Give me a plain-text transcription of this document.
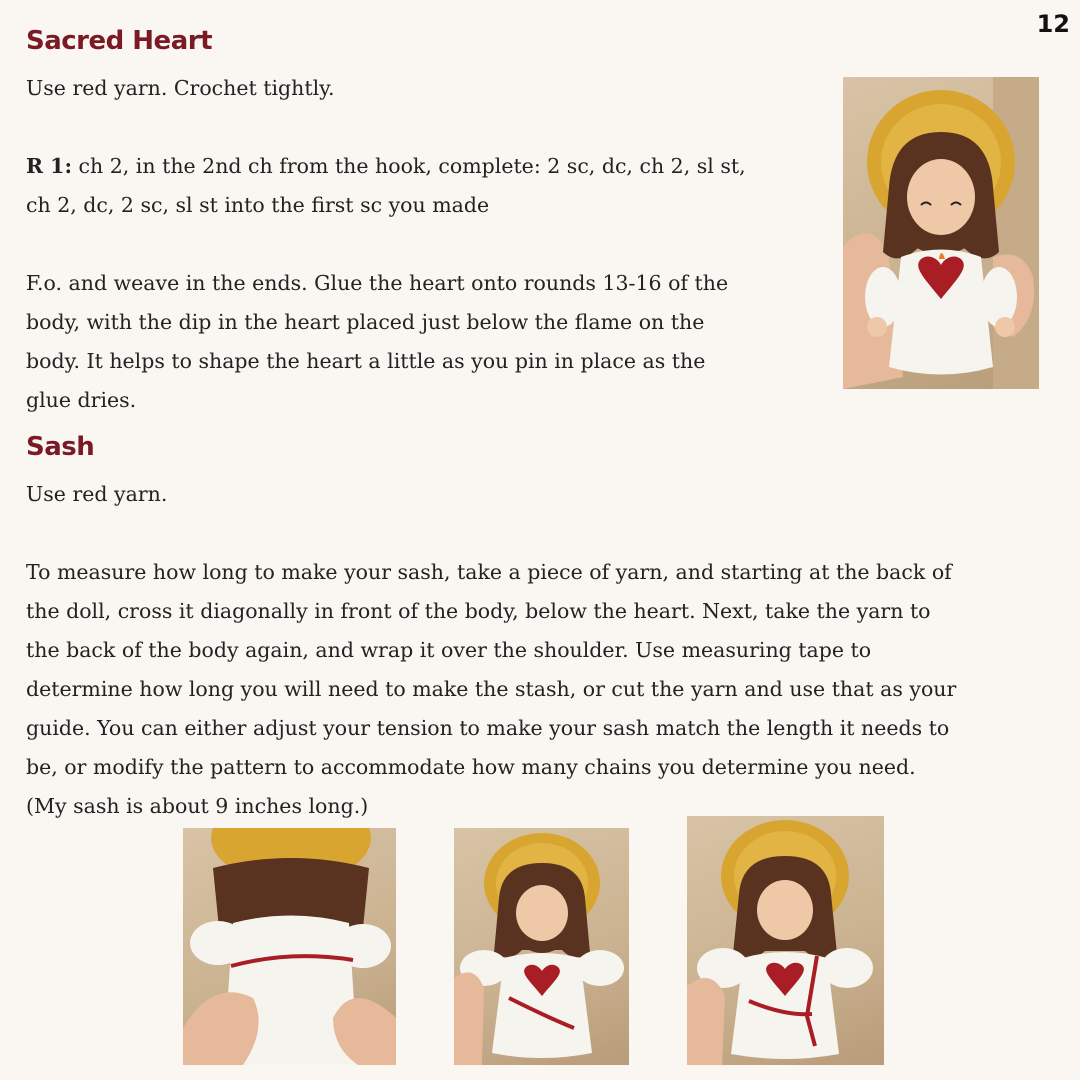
12
Sacred Heart
Use red yarn. Crochet tightly.
R 1: ch 2, in the 2nd ch from the hook, complete: 2 sc, dc, ch 2, sl st,
ch 2, dc, 2 sc, sl st into the first sc you made
F.o. and weave in the ends. Glue the heart onto rounds 13-16 of the
body, with the dip in the heart placed just below the flame on the
body. It helps to shape the heart a little as you pin in place as the
glue dries.
Sash
Use red yarn.
To measure how long to make your sash, take a piece of yarn, and starting at the back of
the doll, cross it diagonally in front of the body, below the heart. Next, take the yarn to
the back of the body again, and wrap it over the shoulder. Use measuring tape to
determine how long you will need to make the stash, or cut the yarn and use that as your
guide. You can either adjust your tension to make your sash match the length it needs to
be, or modify the pattern to accommodate how many chains you determine you need.
(My sash is about 9 inches long.)
